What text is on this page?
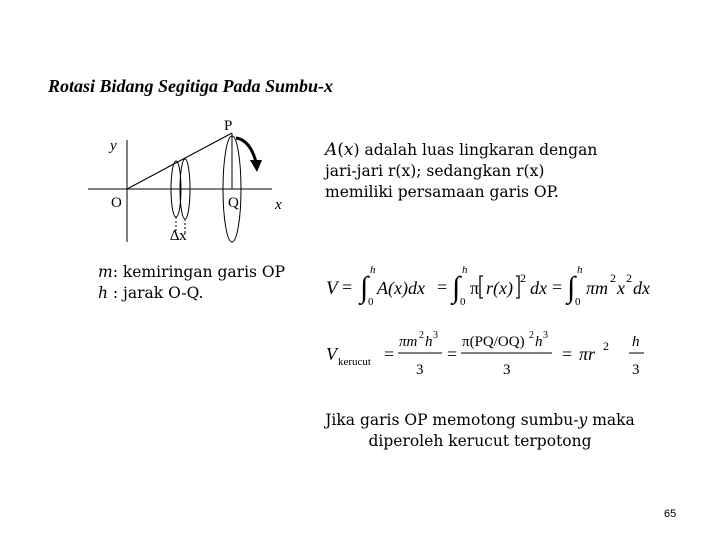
Rotasi Bidang Segitiga Pada Sumbu-x
y
x
O
P
Q
∆x
A(x) adalah luas lingkaran dengan
jari-jari r(x); sedangkan r(x)
memiliki persamaan garis OP.
m: kemiringan garis OP
h : jarak O-Q.	V = ∫
h
0
A(x)dx = ∫
h
0
π r(x) 2 dx = ∫
h
0
πm 2 x 2 dx
V kerucut =
πm 2 h 3
3
=
π(PQ/OQ) 2 h 3
3
= πr 2 h
3
Jika garis OP memotong sumbu-y maka
diperoleh kerucut terpotong
65
